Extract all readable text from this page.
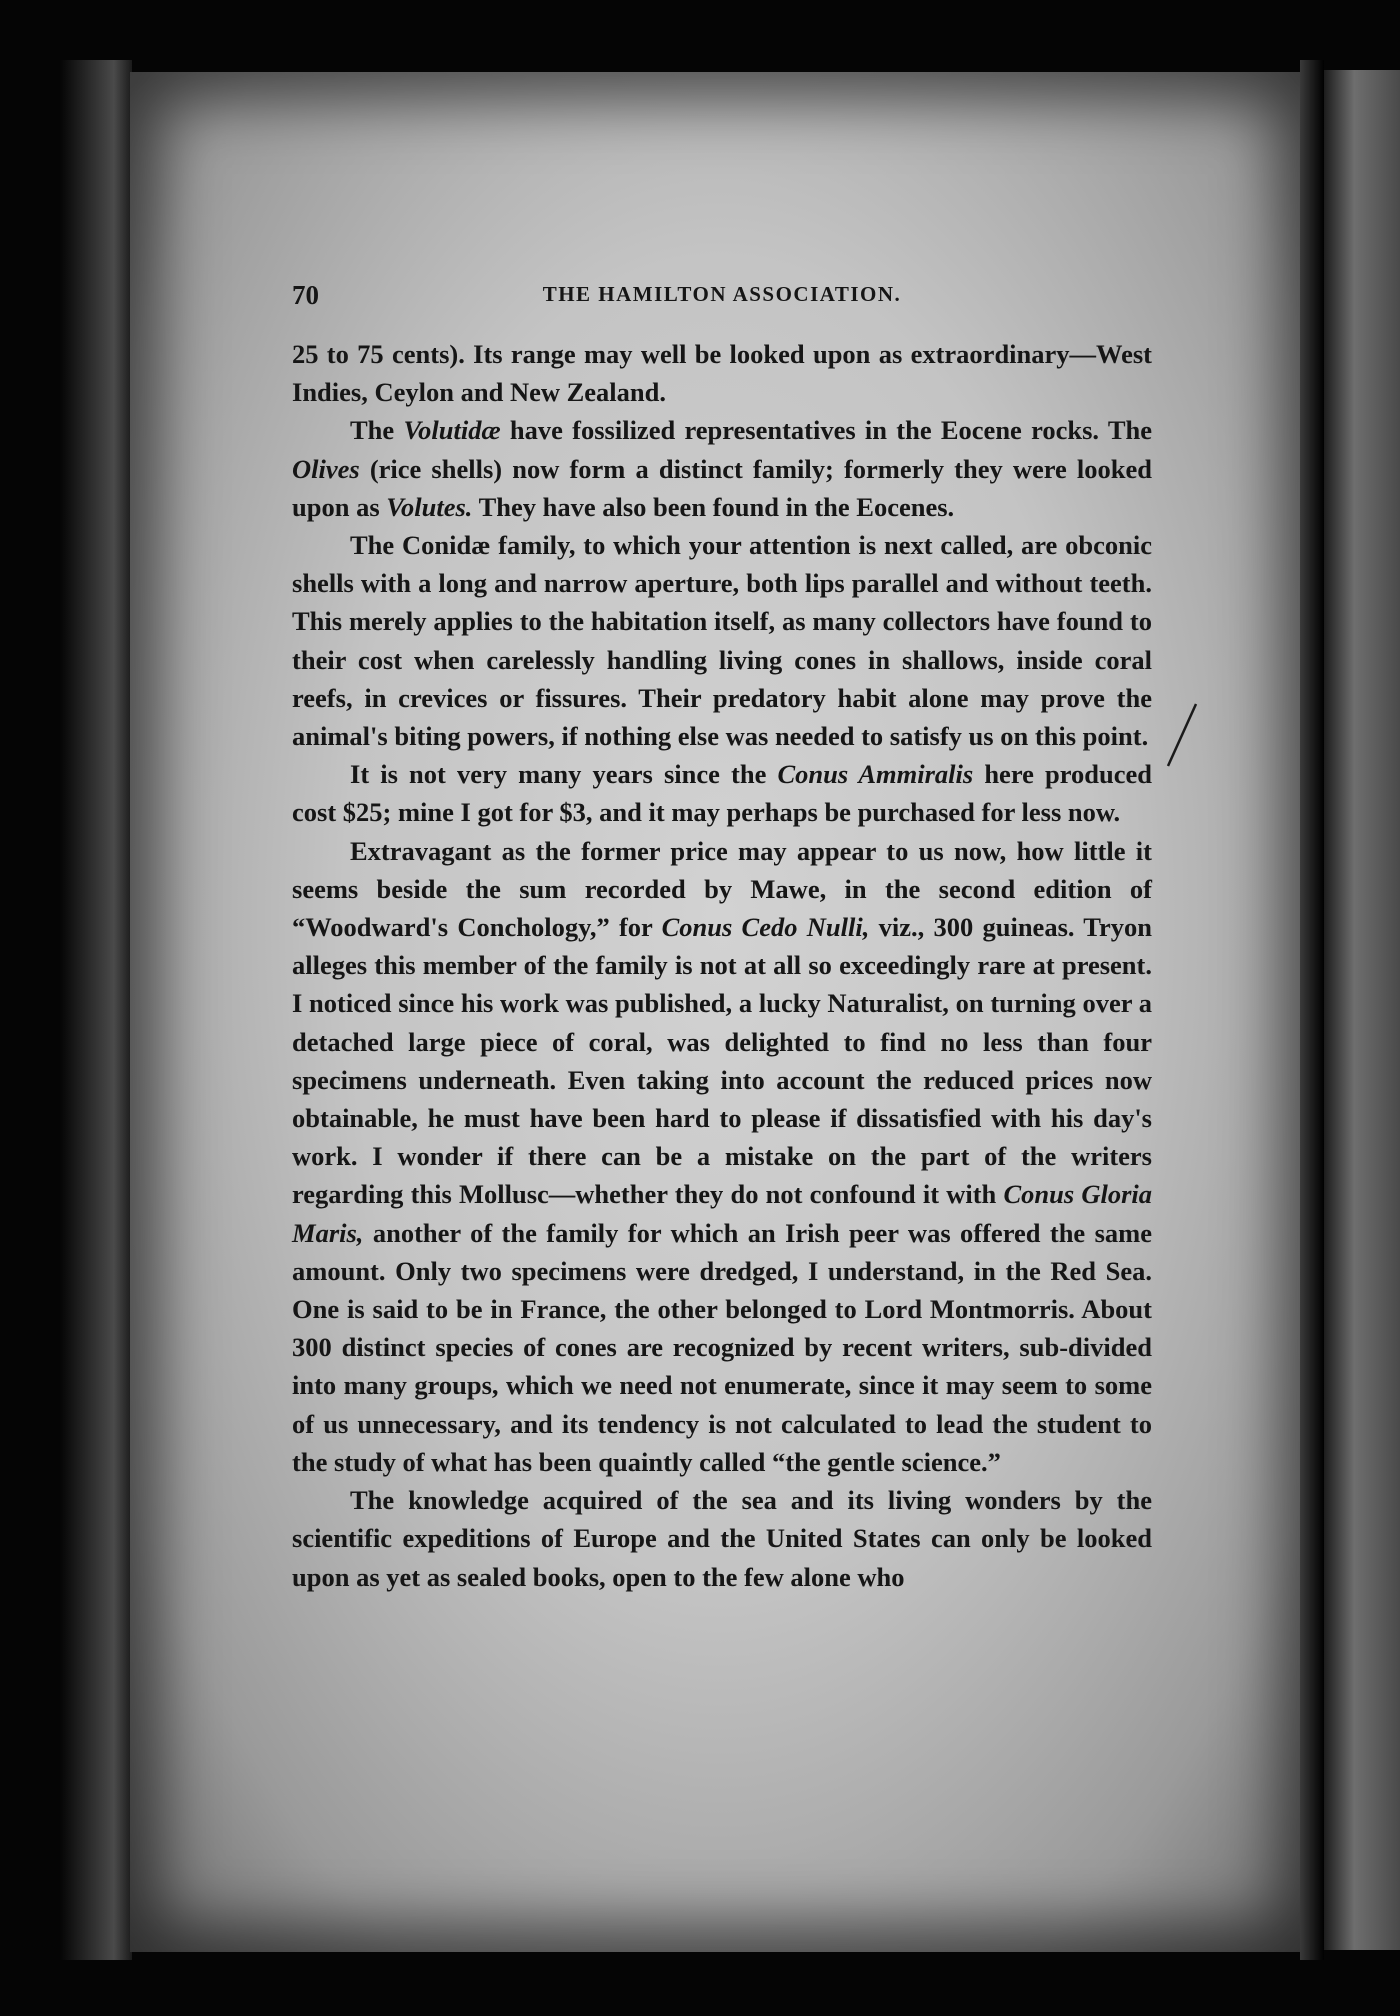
70	THE HAMILTON ASSOCIATION.

25 to 75 cents). Its range may well be looked upon as extraordinary—West Indies, Ceylon and New Zealand.

The Volutidæ have fossilized representatives in the Eocene rocks. The Olives (rice shells) now form a distinct family; formerly they were looked upon as Volutes. They have also been found in the Eocenes.

The Conidæ family, to which your attention is next called, are obconic shells with a long and narrow aperture, both lips parallel and without teeth. This merely applies to the habitation itself, as many collectors have found to their cost when carelessly handling living cones in shallows, inside coral reefs, in crevices or fissures. Their predatory habit alone may prove the animal's biting powers, if nothing else was needed to satisfy us on this point.

It is not very many years since the Conus Ammiralis here produced cost $25; mine I got for $3, and it may perhaps be purchased for less now.

Extravagant as the former price may appear to us now, how little it seems beside the sum recorded by Mawe, in the second edition of “Woodward's Conchology,” for Conus Cedo Nulli, viz., 300 guineas. Tryon alleges this member of the family is not at all so exceedingly rare at present. I noticed since his work was published, a lucky Naturalist, on turning over a detached large piece of coral, was delighted to find no less than four specimens underneath. Even taking into account the reduced prices now obtainable, he must have been hard to please if dissatisfied with his day's work. I wonder if there can be a mistake on the part of the writers regarding this Mollusc—whether they do not confound it with Conus Gloria Maris, another of the family for which an Irish peer was offered the same amount. Only two specimens were dredged, I understand, in the Red Sea. One is said to be in France, the other belonged to Lord Montmorris. About 300 distinct species of cones are recognized by recent writers, sub-divided into many groups, which we need not enumerate, since it may seem to some of us unnecessary, and its tendency is not calculated to lead the student to the study of what has been quaintly called “the gentle science.”

The knowledge acquired of the sea and its living wonders by the scientific expeditions of Europe and the United States can only be looked upon as yet as sealed books, open to the few alone who
